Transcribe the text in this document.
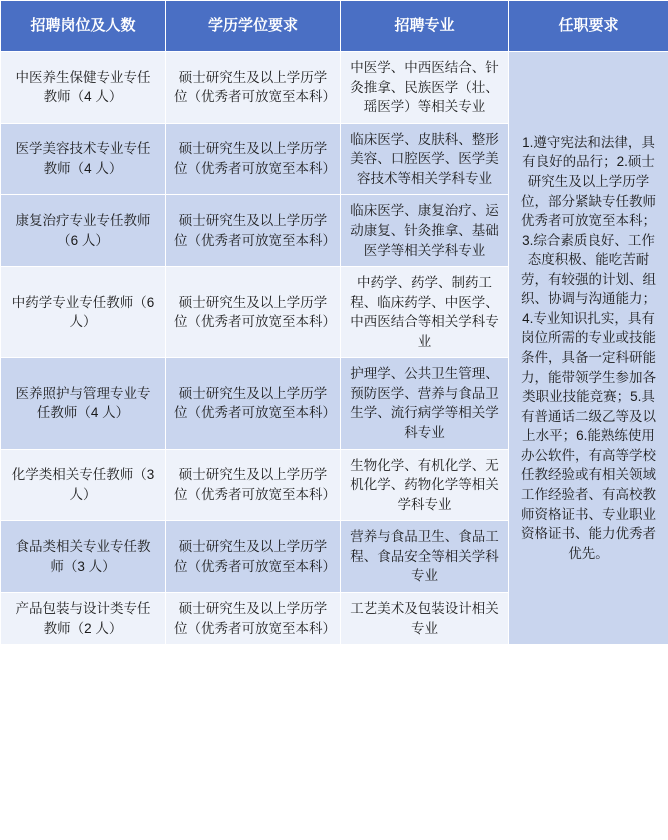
招聘岗位及人数	学历学位要求	招聘专业	任职要求
中医养生保健专业专任教师（4 人）	硕士研究生及以上学历学位（优秀者可放宽至本科）	中医学、中西医结合、针灸推拿、民族医学（壮、瑶医学）等相关专业	1.遵守宪法和法律，具有良好的品行；2.硕士研究生及以上学历学位，部分紧缺专任教师优秀者可放宽至本科；3.综合素质良好、工作态度积极、能吃苦耐劳，有较强的计划、组织、协调与沟通能力；4.专业知识扎实，具有岗位所需的专业或技能条件，具备一定科研能力，能带领学生参加各类职业技能竞赛；5.具有普通话二级乙等及以上水平；6.能熟练使用办公软件，有高等学校任教经验或有相关领域工作经验者、有高校教师资格证书、专业职业资格证书、能力优秀者优先。

医学美容技术专业专任教师（4 人）	硕士研究生及以上学历学位（优秀者可放宽至本科）	临床医学、皮肤科、整形美容、口腔医学、医学美容技术等相关学科专业	
康复治疗专业专任教师（6 人）	硕士研究生及以上学历学位（优秀者可放宽至本科）	临床医学、康复治疗、运动康复、针灸推拿、基础医学等相关学科专业	
中药学专业专任教师（6 人）	硕士研究生及以上学历学位（优秀者可放宽至本科）	中药学、药学、制药工程、临床药学、中医学、中西医结合等相关学科专业	
医养照护与管理专业专任教师（4 人）	硕士研究生及以上学历学位（优秀者可放宽至本科）	护理学、公共卫生管理、预防医学、营养与食品卫生学、流行病学等相关学科专业	
化学类相关专任教师（3 人）	硕士研究生及以上学历学位（优秀者可放宽至本科）	生物化学、有机化学、无机化学、药物化学等相关学科专业	
食品类相关专业专任教师（3 人）	硕士研究生及以上学历学位（优秀者可放宽至本科）	营养与食品卫生、食品工程、食品安全等相关学科专业	
产品包装与设计类专任教师（2 人）	硕士研究生及以上学历学位（优秀者可放宽至本科）	工艺美术及包装设计相关专业	
